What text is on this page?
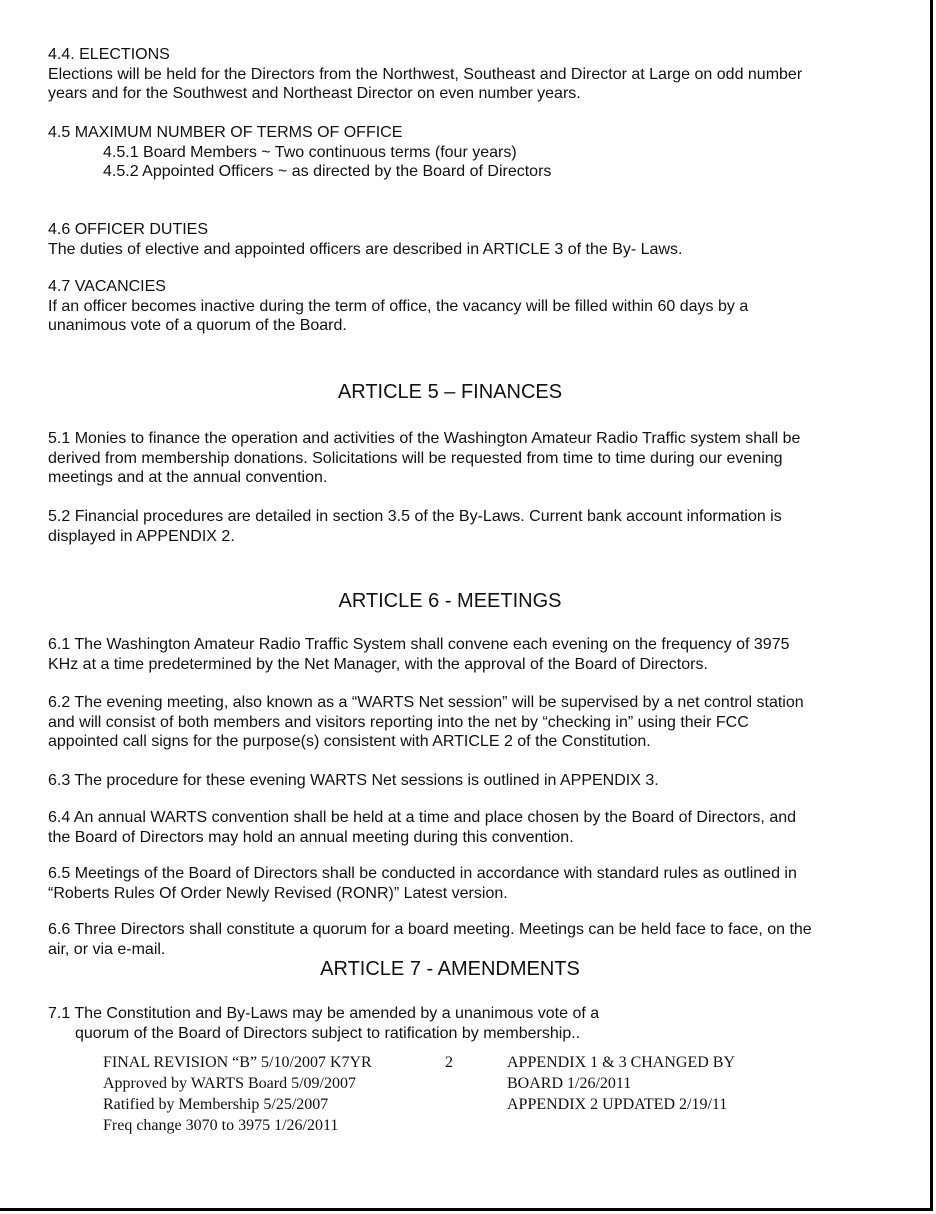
4.4. ELECTIONS

Elections will be held for the Directors from the Northwest, Southeast and Director at Large on odd number

years and for the Southwest and Northeast Director on even number years.

4.5 MAXIMUM NUMBER OF TERMS OF OFFICE

4.5.1 Board Members ~ Two continuous terms (four years)

4.5.2 Appointed Officers ~ as directed by the Board of Directors

4.6 OFFICER DUTIES

The duties of elective and appointed officers are described in ARTICLE 3 of the By- Laws.

4.7 VACANCIES

If an officer becomes inactive during the term of office, the vacancy will be filled within 60 days by a

unanimous vote of a quorum of the Board.

ARTICLE 5 – FINANCES

5.1 Monies to finance the operation and activities of the Washington Amateur Radio Traffic system shall be

derived from membership donations. Solicitations will be requested from time to time during our evening

meetings and at the annual convention.

5.2 Financial procedures are detailed in section 3.5 of the By-Laws. Current bank account information is

displayed in APPENDIX 2.

ARTICLE 6 - MEETINGS

6.1 The Washington Amateur Radio Traffic System shall convene each evening on the frequency of 3975

KHz at a time predetermined by the Net Manager, with the approval of the Board of Directors.

6.2 The evening meeting, also known as a “WARTS Net session” will be supervised by a net control station

and will consist of both members and visitors reporting into the net by “checking in” using their FCC

appointed call signs for the purpose(s) consistent with ARTICLE 2 of the Constitution.

6.3 The procedure for these evening WARTS Net sessions is outlined in APPENDIX 3.

6.4 An annual WARTS convention shall be held at a time and place chosen by the Board of Directors, and

the Board of Directors may hold an annual meeting during this convention.

6.5 Meetings of the Board of Directors shall be conducted in accordance with standard rules as outlined in

“Roberts Rules Of Order Newly Revised (RONR)” Latest version.

6.6 Three Directors shall constitute a quorum for a board meeting. Meetings can be held face to face, on the

air, or via e-mail.

ARTICLE 7 - AMENDMENTS

7.1 The Constitution and By-Laws may be amended by a unanimous vote of a

quorum of the Board of Directors subject to ratification by membership..

FINAL REVISION “B” 5/10/2007 K7YR

Approved by WARTS Board 5/09/2007

Ratified by Membership 5/25/2007

Freq change 3070 to 3975 1/26/2011

2	APPENDIX 1 & 3 CHANGED BY

BOARD 1/26/2011

APPENDIX 2 UPDATED 2/19/11
